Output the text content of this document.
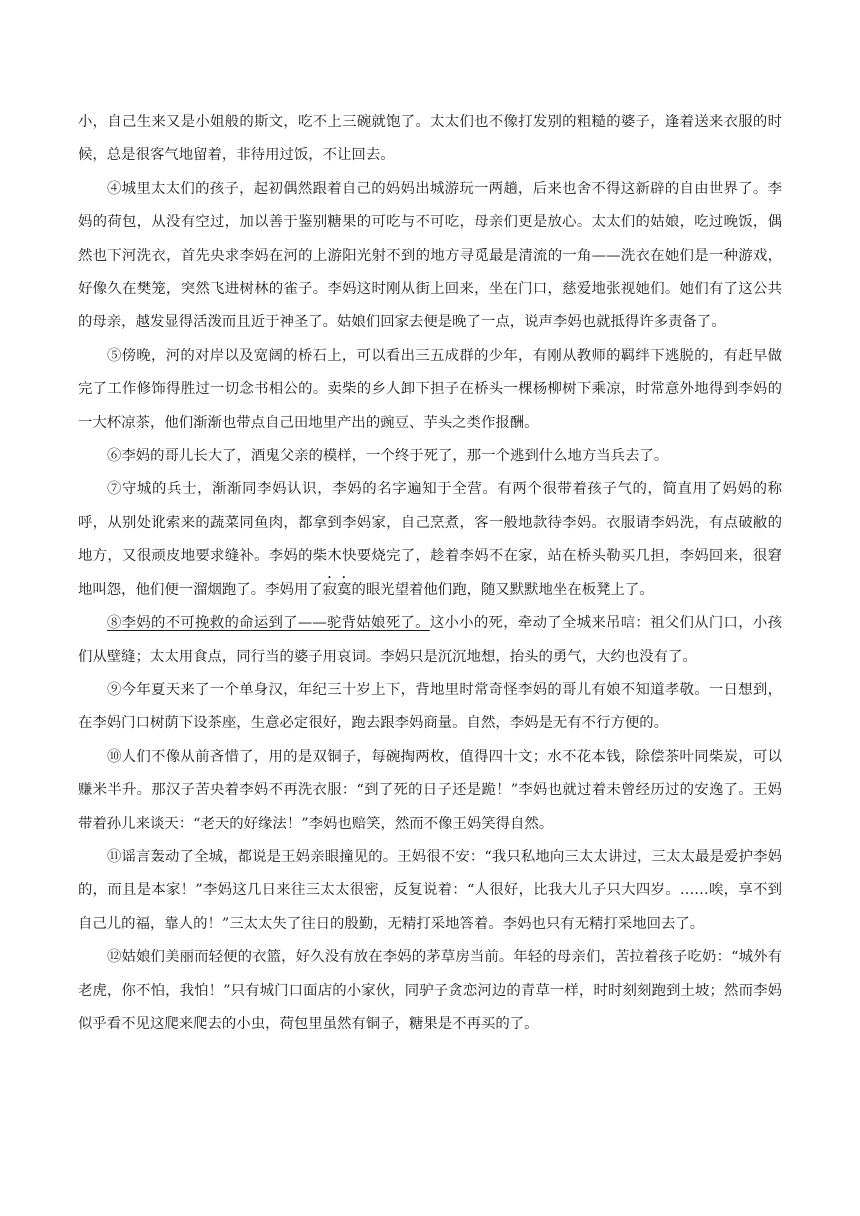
小，自己生来又是小姐般的斯文，吃不上三碗就饱了。太太们也不像打发别的粗糙的婆子，逢着送来衣服的时候，总是很客气地留着，非待用过饭，不让回去。

④城里太太们的孩子，起初偶然跟着自己的妈妈出城游玩一两趟，后来也舍不得这新辟的自由世界了。李妈的荷包，从没有空过，加以善于鉴别糖果的可吃与不可吃，母亲们更是放心。太太们的姑娘，吃过晚饭，偶然也下河洗衣，首先央求李妈在河的上游阳光射不到的地方寻觅最是清流的一角——洗衣在她们是一种游戏，好像久在樊笼，突然飞进树林的雀子。李妈这时刚从街上回来，坐在门口，慈爱地张视她们。她们有了这公共的母亲，越发显得活泼而且近于神圣了。姑娘们回家去便是晚了一点，说声李妈也就抵得许多责备了。

⑤傍晚，河的对岸以及宽阔的桥石上，可以看出三五成群的少年，有刚从教师的羁绊下逃脱的，有赶早做完了工作修饰得胜过一切念书相公的。卖柴的乡人卸下担子在桥头一棵杨柳树下乘凉，时常意外地得到李妈的一大杯凉茶，他们渐渐也带点自己田地里产出的豌豆、芋头之类作报酬。

⑥李妈的哥儿长大了，酒鬼父亲的模样，一个终于死了，那一个逃到什么地方当兵去了。

⑦守城的兵士，渐渐同李妈认识，李妈的名字遍知于全营。有两个很带着孩子气的，简直用了妈妈的称呼，从别处讹索来的蔬菜同鱼肉，都拿到李妈家，自己烹煮，客一般地款待李妈。衣服请李妈洗，有点破敝的地方，又很顽皮地要求缝补。李妈的柴木快要烧完了，趁着李妈不在家，站在桥头勒买几担，李妈回来，很窘地叫怨，他们便一溜烟跑了。李妈用了寂寞的眼光望着他们跑，随又默默地坐在板凳上了。

⑧李妈的不可挽救的命运到了——驼背姑娘死了。这小小的死，牵动了全城来吊唁：祖父们从门口，小孩们从壁缝；太太用食点，同行当的婆子用哀词。李妈只是沉沉地想，抬头的勇气，大约也没有了。

⑨今年夏天来了一个单身汉，年纪三十岁上下，背地里时常奇怪李妈的哥儿有娘不知道孝敬。一日想到，在李妈门口树荫下设茶座，生意必定很好，跑去跟李妈商量。自然，李妈是无有不行方便的。

⑩人们不像从前吝惜了，用的是双铜子，每碗掏两枚，值得四十文；水不花本钱，除偿茶叶同柴炭，可以赚米半升。那汉子苦央着李妈不再洗衣服：“到了死的日子还是跪！”李妈也就过着未曾经历过的安逸了。王妈带着孙儿来谈天：“老天的好缘法！”李妈也赔笑，然而不像王妈笑得自然。

⑪谣言轰动了全城，都说是王妈亲眼撞见的。王妈很不安：“我只私地向三太太讲过，三太太最是爱护李妈的，而且是本家！”李妈这几日来往三太太很密，反复说着：“人很好，比我大儿子只大四岁。……唉，享不到自己儿的福，靠人的！”三太太失了往日的殷勤，无精打采地答着。李妈也只有无精打采地回去了。

⑫姑娘们美丽而轻便的衣篮，好久没有放在李妈的茅草房当前。年轻的母亲们，苦拉着孩子吃奶：“城外有老虎，你不怕，我怕！”只有城门口面店的小家伙，同驴子贪恋河边的青草一样，时时刻刻跑到土坡；然而李妈似乎看不见这爬来爬去的小虫，荷包里虽然有铜子，糖果是不再买的了。
